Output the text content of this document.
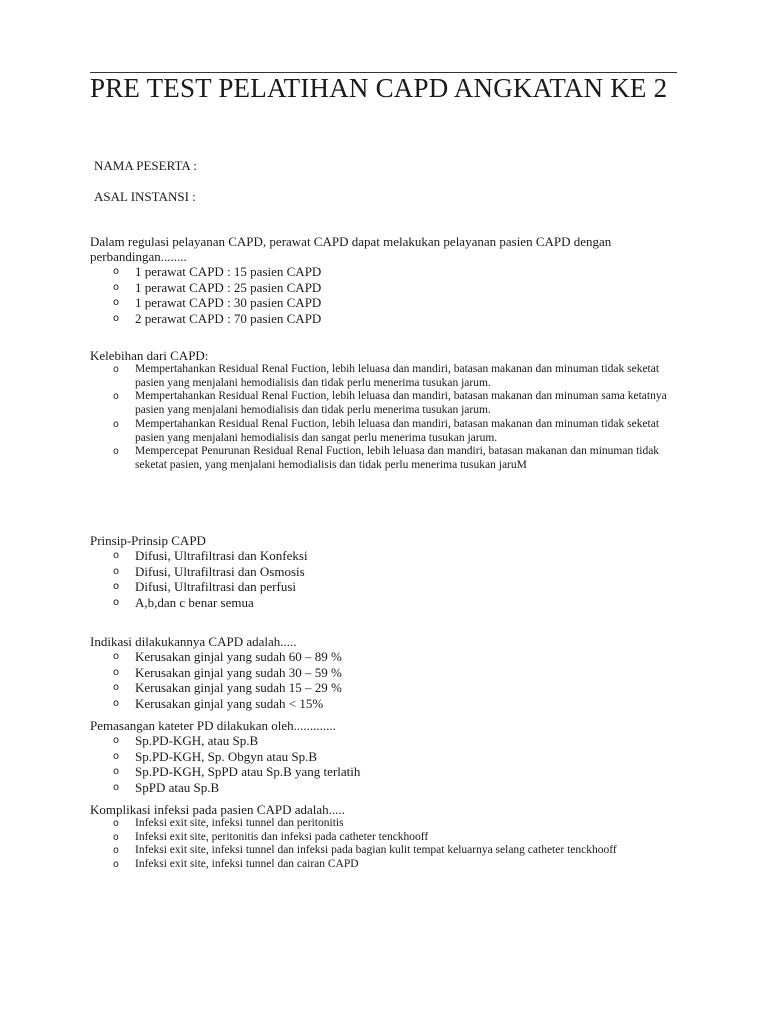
PRE TEST PELATIHAN CAPD ANGKATAN KE 2
NAMA PESERTA :
ASAL INSTANSI :

Dalam regulasi pelayanan CAPD, perawat CAPD dapat melakukan pelayanan pasien CAPD dengan perbandingan........

o 1 perawat CAPD : 15 pasien CAPD
o 1 perawat CAPD : 25 pasien CAPD
o 1 perawat CAPD : 30 pasien CAPD
o 2 perawat CAPD : 70 pasien CAPD

Kelebihan dari CAPD:

o Mempertahankan Residual Renal Fuction, lebih leluasa dan mandiri, batasan makanan dan minuman tidak seketat pasien yang menjalani hemodialisis dan tidak perlu menerima tusukan jarum.
o Mempertahankan Residual Renal Fuction, lebih leluasa dan mandiri, batasan makanan dan minuman sama ketatnya pasien yang menjalani hemodialisis dan tidak perlu menerima tusukan jarum.
o Mempertahankan Residual Renal Fuction, lebih leluasa dan mandiri, batasan makanan dan minuman tidak seketat pasien yang menjalani hemodialisis dan sangat perlu menerima tusukan jarum.
o Mempercepat Penurunan Residual Renal Fuction, lebih leluasa dan mandiri, batasan makanan dan minuman tidak seketat pasien, yang menjalani hemodialisis dan tidak perlu menerima tusukan jaruM

Prinsip-Prinsip CAPD

o Difusi, Ultrafiltrasi dan Konfeksi
o Difusi, Ultrafiltrasi dan Osmosis
o Difusi, Ultrafiltrasi dan perfusi
o A,b,dan c benar semua

Indikasi dilakukannya CAPD adalah.....

o Kerusakan ginjal yang sudah 60 – 89 %
o Kerusakan ginjal yang sudah 30 – 59 %
o Kerusakan ginjal yang sudah 15 – 29 %
o Kerusakan ginjal yang sudah < 15%

Pemasangan kateter PD dilakukan oleh.............

o Sp.PD-KGH, atau Sp.B
o Sp.PD-KGH, Sp. Obgyn atau Sp.B
o Sp.PD-KGH, SpPD atau Sp.B yang terlatih
o SpPD atau Sp.B

Komplikasi infeksi pada pasien CAPD adalah.....

o Infeksi exit site, infeksi tunnel dan peritonitis
o Infeksi exit site, peritonitis dan infeksi pada catheter tenckhooff
o Infeksi exit site, infeksi tunnel dan infeksi pada bagian kulit tempat keluarnya selang catheter tenckhooff
o Infeksi exit site, infeksi tunnel dan cairan CAPD
